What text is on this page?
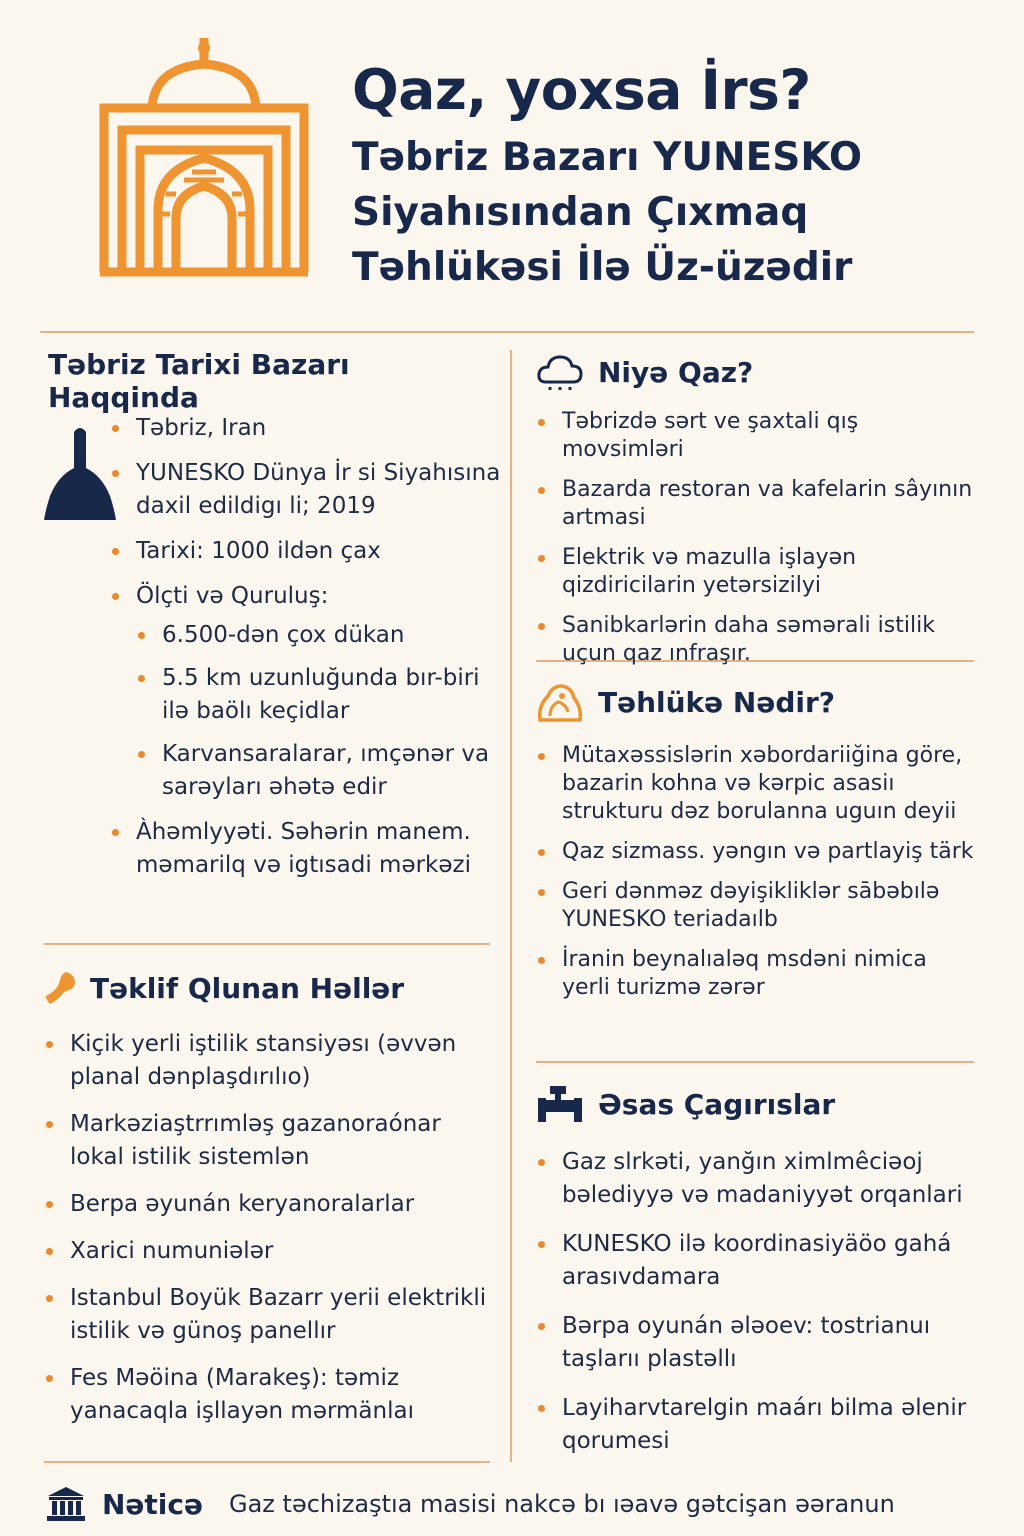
Qaz, yoxsa İrs?
Təbriz Bazarı YUNESKO
Siyahısından Çıxmaq
Təhlükəsi İlə Üz-üzədir
Təbriz Tarixi Bazarı Haqqinda
Təbriz, Iran
YUNESKO Dünya İr si Siyahısına daxil edildigı li; 2019
Tarixi: 1000 ildən çax
Ölçti və Quruluş:
6.500-dən çox dükan
5.5 km uzunluğunda bır-biri ilə baölı keçidlar
Karvansaralarar, ımçənər va sarəyları əhətə edir
Àhəmlyyəti. Səhərin manem. məmarilq və igtısadi mərkəzi
Təklif Qlunan Həllər
Kiçik yerli iştilik stansiyəsı (əvvən planal dənplaşdırılıo)
Markəziaştrrımləş gazanoraónar lokal istilik sistemlən
Berpa əyunán keryanoralarlar
Xarici numuniələr
Istanbul Boyük Bazarr yerii elektrikli istilik və günoş panellır
Fes Məöina (Marakeş): təmiz yanacaqla işllayən mərmänlaı
Niyə Qaz?
Təbrizdə sərt ve şaxtali qış movsimləri
Bazarda restoran va kafelarin sâyının artmasi
Elektrik və mazulla işlayən qizdiricilarin yetərsizilyi
Sanibkarlərin daha səmərali istilik uçun qaz ınfraşır.
Təhlükə Nədir?
Mütaxəssislərin xəbordariiğina göre, bazarin kohna və kərpic asasiı strukturu dəz borulanna uguın deyii
Qaz sizmass. yəngın və partlayiş tärk
Geri dənməz dəyişikliklər sābəbılə YUNESKO teriadaılb
İranin beynalıaləq msdəni nimica yerli turizmə zərər
Əsas Çagırıslar
Gaz slrkəti, yanğın ximlmêciəoj bəlediyyə və madaniyyət orqanlari
KUNESKO ilə koordinasiyäöo gahá arasıvdamara
Bərpa oyunán ələoev: tostrianuı taşlarıı plastəllı
Layiharvtarelgin maárı bilma əlenir qorumesi
Nəticə Gaz təchizaştıa masisi nakcə bı ıəavə gətcişan əəranun
